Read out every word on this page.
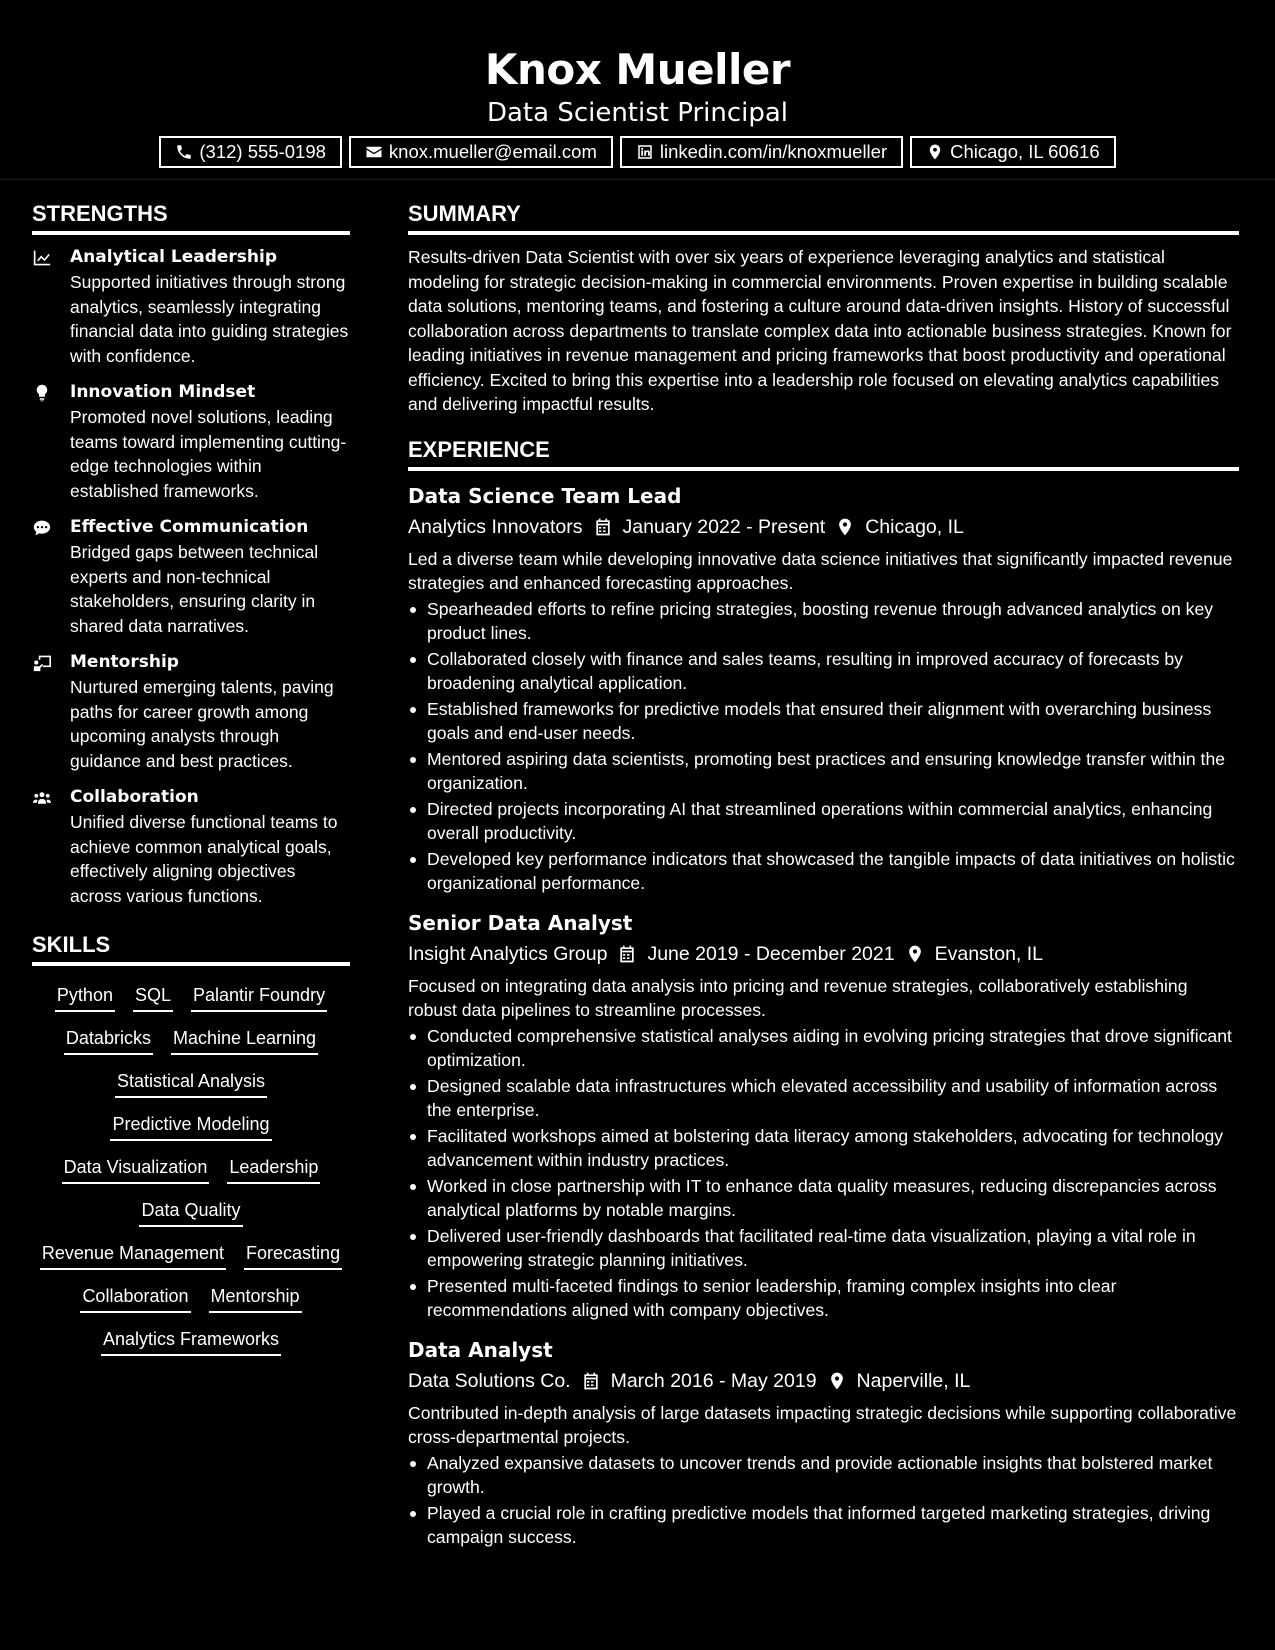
Knox Mueller
Data Scientist Principal
(312) 555-0198	knox.mueller@email.com	linkedin.com/in/knoxmueller	Chicago, IL 60616
STRENGTHS
Analytical Leadership
Supported initiatives through strong analytics, seamlessly integrating financial data into guiding strategies with confidence.
Innovation Mindset
Promoted novel solutions, leading teams toward implementing cutting-edge technologies within established frameworks.
Effective Communication
Bridged gaps between technical experts and non-technical stakeholders, ensuring clarity in shared data narratives.
Mentorship
Nurtured emerging talents, paving paths for career growth among upcoming analysts through guidance and best practices.
Collaboration
Unified diverse functional teams to achieve common analytical goals, effectively aligning objectives across various functions.
SKILLS
Python SQL Palantir Foundry
Databricks Machine Learning
Statistical Analysis
Predictive Modeling
Data Visualization Leadership
Data Quality
Revenue Management Forecasting
Collaboration Mentorship
Analytics Frameworks
SUMMARY
Results-driven Data Scientist with over six years of experience leveraging analytics and statistical modeling for strategic decision-making in commercial environments. Proven expertise in building scalable data solutions, mentoring teams, and fostering a culture around data-driven insights. History of successful collaboration across departments to translate complex data into actionable business strategies. Known for leading initiatives in revenue management and pricing frameworks that boost productivity and operational efficiency. Excited to bring this expertise into a leadership role focused on elevating analytics capabilities and delivering impactful results.
EXPERIENCE
Data Science Team Lead
Analytics Innovators January 2022 - Present Chicago, IL
Led a diverse team while developing innovative data science initiatives that significantly impacted revenue strategies and enhanced forecasting approaches.
Spearheaded efforts to refine pricing strategies, boosting revenue through advanced analytics on key product lines.
Collaborated closely with finance and sales teams, resulting in improved accuracy of forecasts by broadening analytical application.
Established frameworks for predictive models that ensured their alignment with overarching business goals and end-user needs.
Mentored aspiring data scientists, promoting best practices and ensuring knowledge transfer within the organization.
Directed projects incorporating AI that streamlined operations within commercial analytics, enhancing overall productivity.
Developed key performance indicators that showcased the tangible impacts of data initiatives on holistic organizational performance.
Senior Data Analyst
Insight Analytics Group June 2019 - December 2021 Evanston, IL
Focused on integrating data analysis into pricing and revenue strategies, collaboratively establishing robust data pipelines to streamline processes.
Conducted comprehensive statistical analyses aiding in evolving pricing strategies that drove significant optimization.
Designed scalable data infrastructures which elevated accessibility and usability of information across the enterprise.
Facilitated workshops aimed at bolstering data literacy among stakeholders, advocating for technology advancement within industry practices.
Worked in close partnership with IT to enhance data quality measures, reducing discrepancies across analytical platforms by notable margins.
Delivered user-friendly dashboards that facilitated real-time data visualization, playing a vital role in empowering strategic planning initiatives.
Presented multi-faceted findings to senior leadership, framing complex insights into clear recommendations aligned with company objectives.
Data Analyst
Data Solutions Co. March 2016 - May 2019 Naperville, IL
Contributed in-depth analysis of large datasets impacting strategic decisions while supporting collaborative cross-departmental projects.
Analyzed expansive datasets to uncover trends and provide actionable insights that bolstered market growth.
Played a crucial role in crafting predictive models that informed targeted marketing strategies, driving campaign success.
